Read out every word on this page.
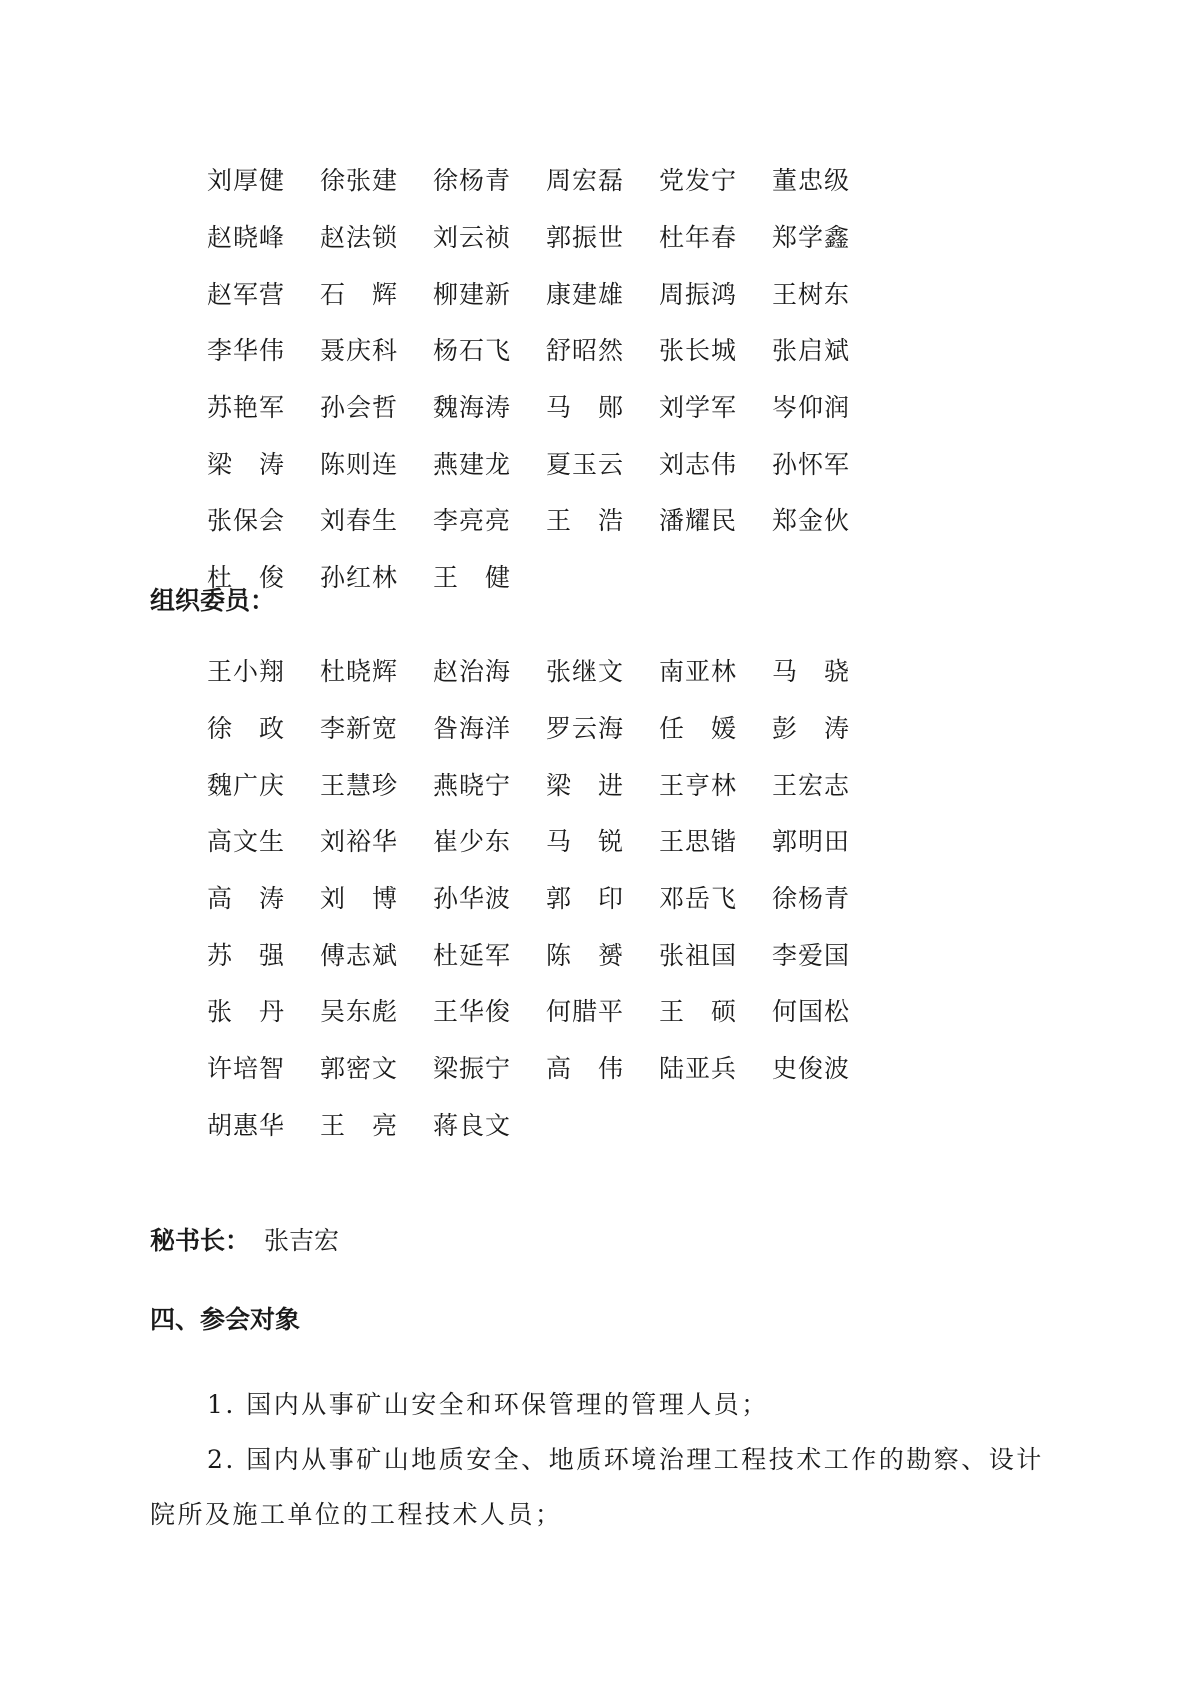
刘厚健	徐张建	徐杨青	周宏磊	党发宁	董忠级
赵晓峰	赵法锁	刘云祯	郭振世	杜年春	郑学鑫
赵军营	石　辉	柳建新	康建雄	周振鸿	王树东
李华伟	聂庆科	杨石飞	舒昭然	张长城	张启斌
苏艳军	孙会哲	魏海涛	马　郧	刘学军	岑仰润
梁　涛	陈则连	燕建龙	夏玉云	刘志伟	孙怀军
张保会	刘春生	李亮亮	王　浩	潘耀民	郑金伙
杜　俊	孙红林	王　健
组织委员：
王小翔	杜晓辉	赵治海	张继文	南亚林	马　骁
徐　政	李新宽	昝海洋	罗云海	任　媛	彭　涛
魏广庆	王慧珍	燕晓宁	梁　进	王亨林	王宏志
高文生	刘裕华	崔少东	马　锐	王思锴	郭明田
高　涛	刘　博	孙华波	郭　印	邓岳飞	徐杨青
苏　强	傅志斌	杜延军	陈　赟	张祖国	李爱国
张　丹	吴东彪	王华俊	何腊平	王　硕	何国松
许培智	郭密文	梁振宁	高　伟	陆亚兵	史俊波
胡惠华	王　亮	蒋良文
秘书长： 张吉宏
四、参会对象
1. 国内从事矿山安全和环保管理的管理人员；
2. 国内从事矿山地质安全、地质环境治理工程技术工作的勘察、设计
院所及施工单位的工程技术人员；
